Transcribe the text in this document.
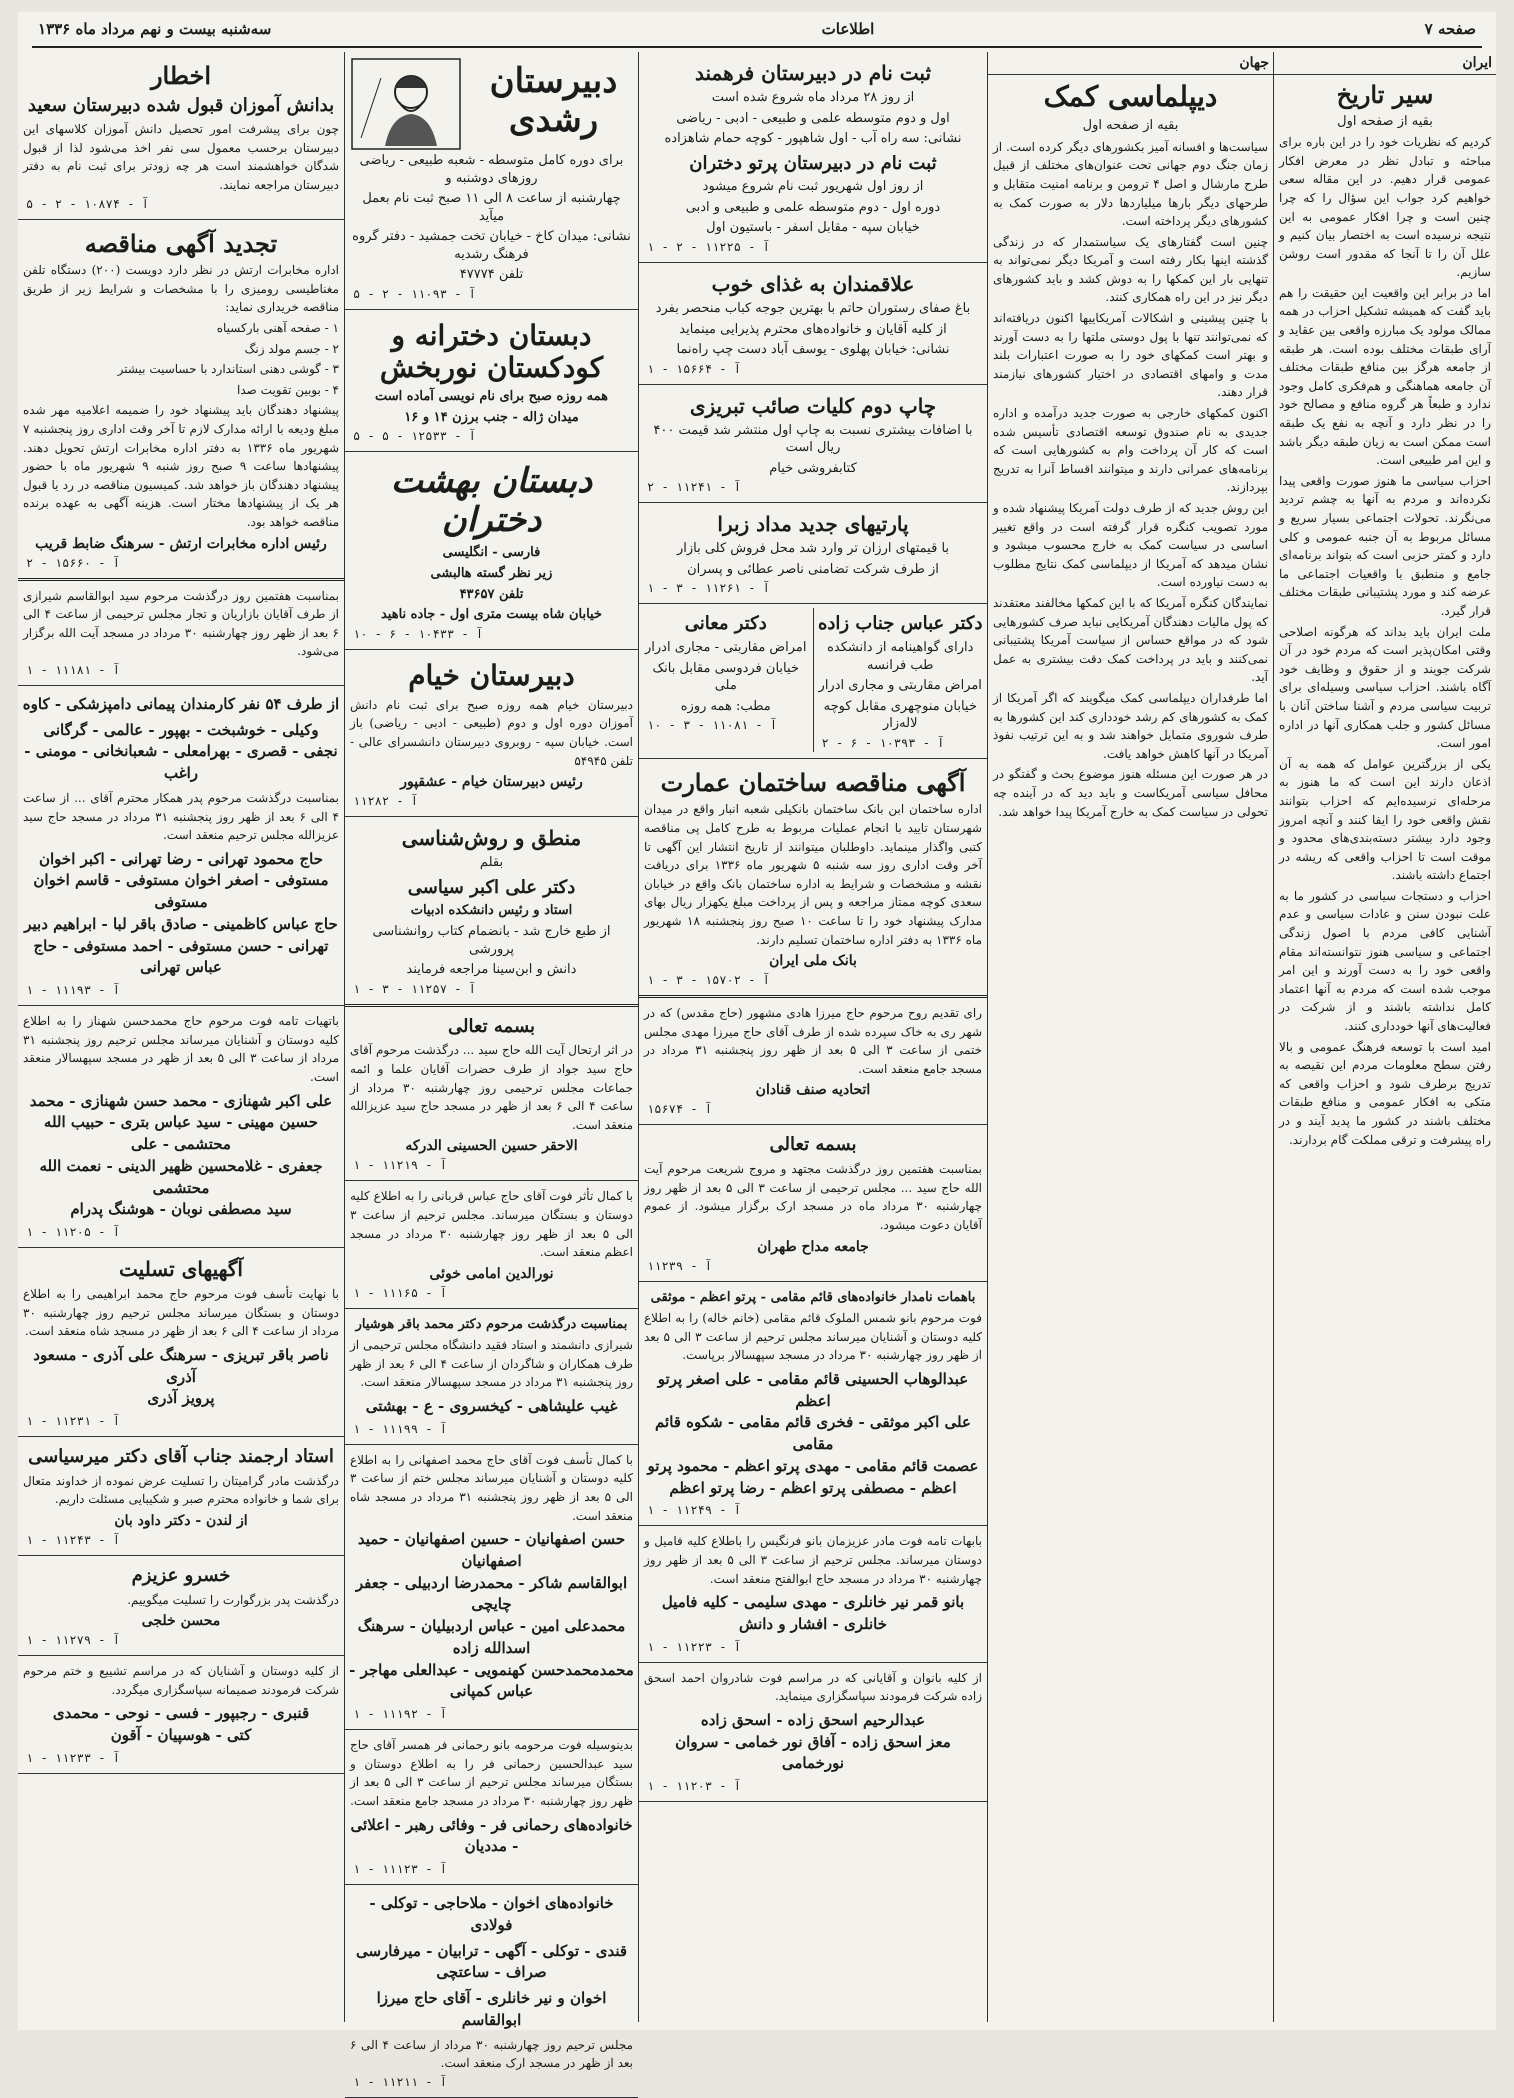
صفحه ۷
اطلاعات
سه‌شنبه بیست و نهم مرداد ماه ۱۳۳۶
ایران
سیر تاریخ
بقیه از صفحه اول

کردیم که نظریات خود را در این باره برای مباحثه و تبادل نظر در معرض افکار عمومی قرار دهیم. در این مقاله سعی خواهیم کرد جواب این سؤال را که چرا چنین است و چرا افکار عمومی به این نتیجه نرسیده است به اختصار بیان کنیم و علل آن را تا آنجا که مقدور است روشن سازیم.

اما در برابر این واقعیت این حقیقت را هم باید گفت که همیشه تشکیل احزاب در همه ممالک مولود یک مبارزه واقعی بین عقاید و آرای طبقات مختلف بوده است. هر طبقه از جامعه هرگز بین منافع طبقات مختلف آن جامعه هماهنگی و هم‌فکری کامل وجود ندارد و طبعاً هر گروه منافع و مصالح خود را در نظر دارد و آنچه به نفع یک طبقه است ممکن است به زیان طبقه دیگر باشد و این امر طبیعی است.

احزاب سیاسی ما هنوز صورت واقعی پیدا نکرده‌اند و مردم به آنها به چشم تردید می‌نگرند. تحولات اجتماعی بسیار سریع و مسائل مربوط به آن جنبه عمومی و کلی دارد و کمتر حزبی است که بتواند برنامه‌ای جامع و منطبق با واقعیات اجتماعی ما عرضه کند و مورد پشتیبانی طبقات مختلف قرار گیرد.

ملت ایران باید بداند که هرگونه اصلاحی وقتی امکان‌پذیر است که مردم خود در آن شرکت جویند و از حقوق و وظایف خود آگاه باشند. احزاب سیاسی وسیله‌ای برای تربیت سیاسی مردم و آشنا ساختن آنان با مسائل کشور و جلب همکاری آنها در اداره امور است.

یکی از بزرگترین عوامل که همه به آن اذعان دارند این است که ما هنوز به مرحله‌ای نرسیده‌ایم که احزاب بتوانند نقش واقعی خود را ایفا کنند و آنچه امروز وجود دارد بیشتر دسته‌بندی‌های محدود و موقت است تا احزاب واقعی که ریشه در اجتماع داشته باشند.

احزاب و دستجات سیاسی در کشور ما به علت نبودن سنن و عادات سیاسی و عدم آشنایی کافی مردم با اصول زندگی اجتماعی و سیاسی هنوز نتوانسته‌اند مقام واقعی خود را به دست آورند و این امر موجب شده است که مردم به آنها اعتماد کامل نداشته باشند و از شرکت در فعالیت‌های آنها خودداری کنند.

امید است با توسعه فرهنگ عمومی و بالا رفتن سطح معلومات مردم این نقیصه به تدریج برطرف شود و احزاب واقعی که متکی به افکار عمومی و منافع طبقات مختلف باشند در کشور ما پدید آیند و در راه پیشرفت و ترقی مملکت گام بردارند.

جهان
دیپلماسی کمک
بقیه از صفحه اول

سیاست‌ها و افسانه آمیز بکشورهای دیگر کرده است. از زمان جنگ دوم جهانی تحت عنوان‌های مختلف از قبیل طرح مارشال و اصل ۴ ترومن و برنامه امنیت متقابل و طرحهای دیگر بارها میلیاردها دلار به صورت کمک به کشورهای دیگر پرداخته است.

چنین است گفتارهای یک سیاستمدار که در زندگی گذشته اینها بکار رفته است و آمریکا دیگر نمی‌تواند به تنهایی بار این کمکها را به دوش کشد و باید کشورهای دیگر نیز در این راه همکاری کنند.

با چنین پیشینی و اشکالات آمریکاییها اکنون دریافته‌اند که نمی‌توانند تنها با پول دوستی ملتها را به دست آورند و بهتر است کمکهای خود را به صورت اعتبارات بلند مدت و وامهای اقتصادی در اختیار کشورهای نیازمند قرار دهند.

اکنون کمکهای خارجی به صورت جدید درآمده و اداره جدیدی به نام صندوق توسعه اقتصادی تأسیس شده است که کار آن پرداخت وام به کشورهایی است که برنامه‌های عمرانی دارند و میتوانند اقساط آنرا به تدریج بپردازند.

این روش جدید که از طرف دولت آمریکا پیشنهاد شده و مورد تصویب کنگره قرار گرفته است در واقع تغییر اساسی در سیاست کمک به خارج محسوب میشود و نشان میدهد که آمریکا از دیپلماسی کمک نتایج مطلوب به دست نیاورده است.

نمایندگان کنگره آمریکا که با این کمکها مخالفند معتقدند که پول مالیات دهندگان آمریکایی نباید صرف کشورهایی شود که در مواقع حساس از سیاست آمریکا پشتیبانی نمی‌کنند و باید در پرداخت کمک دقت بیشتری به عمل آید.

اما طرفداران دیپلماسی کمک میگویند که اگر آمریکا از کمک به کشورهای کم رشد خودداری کند این کشورها به طرف شوروی متمایل خواهند شد و به این ترتیب نفوذ آمریکا در آنها کاهش خواهد یافت.

در هر صورت این مسئله هنوز موضوع بحث و گفتگو در محافل سیاسی آمریکاست و باید دید که در آینده چه تحولی در سیاست کمک به خارج آمریکا پیدا خواهد شد.

ثبت نام در دبیرستان فرهمند
از روز ۲۸ مرداد ماه شروع شده است
اول و دوم متوسطه علمی و طبیعی - ادبی - ریاضی
نشانی: سه راه آب - اول شاهپور - کوچه حمام شاهزاده
ثبت نام در دبیرستان پرتو دختران
از روز اول شهریور ثبت نام شروع میشود
دوره اول - دوم متوسطه علمی و طبیعی و ادبی
خیابان سپه - مقابل اسفر - باستیون اول
آ - ۱۱۲۲۵ - ۲ - ۱
علاقمندان به غذای خوب
باغ صفای رستوران حاتم با بهترین جوجه کباب منحصر بفرد
از کلیه آقایان و خانواده‌های محترم پذیرایی مینماید
نشانی: خیابان پهلوی - یوسف آباد دست چپ راه‌نما
آ - ۱۵۶۶۴ - ۱
چاپ دوم کلیات صائب تبریزی
با اضافات بیشتری نسبت به چاپ اول منتشر شد قیمت ۴۰۰ ریال است
کتابفروشی خیام
آ - ۱۱۲۴۱ - ۲
پارتیهای جدید مداد زبرا
با قیمتهای ارزان تر وارد شد محل فروش کلی بازار
از طرف شرکت تضامنی ناصر عطائی و پسران
آ - ۱۱۲۶۱ - ۳ - ۱
دکتر عباس جناب زاده
دارای گواهینامه از دانشکده طب فرانسه
امراض مقاربتی و مجاری ادرار
خیابان منوچهری مقابل کوچه لاله‌زار
آ - ۱۰۳۹۳ - ۶ - ۲
دکتر معانی
امراض مقاربتی - مجاری ادرار
خیابان فردوسی مقابل بانک ملی
مطب: همه روزه
آ - ۱۱۰۸۱ - ۳ - ۱۰
آگهی مناقصه ساختمان عمارت

اداره ساختمان ابن بانک ساختمان بانکیلی شعبه انبار واقع در میدان شهرستان تایید با انجام عملیات مربوط به طرح کامل پی مناقصه کتبی واگذار مینماید. داوطلبان میتوانند از تاریخ انتشار این آگهی تا آخر وقت اداری روز سه شنبه ۵ شهریور ماه ۱۳۳۶ برای دریافت نقشه و مشخصات و شرایط به اداره ساختمان بانک واقع در خیابان سعدی کوچه ممتاز مراجعه و پس از پرداخت مبلغ یکهزار ریال بهای مدارک پیشنهاد خود را تا ساعت ۱۰ صبح روز پنجشنبه ۱۸ شهریور ماه ۱۳۳۶ به دفتر اداره ساختمان تسلیم دارند.

بانک ملی ایران
آ - ۱۵۷۰۲ - ۳ - ۱

رای تقدیم روح مرحوم حاج میرزا هادی مشهور (حاج مقدس) که در شهر ری به خاک سپرده شده از طرف آقای حاج میرزا مهدی مجلس ختمی از ساعت ۳ الی ۵ بعد از ظهر روز پنجشنبه ۳۱ مرداد در مسجد جامع منعقد است.

اتحادیه صنف قنادان
آ - ۱۵۶۷۴
بسمه تعالی

بمناسبت هفتمین روز درگذشت مجتهد و مروج شریعت مرحوم آیت الله حاج سید ... مجلس ترحیمی از ساعت ۳ الی ۵ بعد از ظهر روز چهارشنبه ۳۰ مرداد ماه در مسجد ارک برگزار میشود. از عموم آقایان دعوت میشود.

جامعه مداح طهران
آ - ۱۱۲۳۹
باهمات نامدار خانواده‌های قائم مقامی - پرتو اعظم - موثقی

فوت مرحوم بانو شمس الملوک قائم مقامی (خانم خاله) را به اطلاع کلیه دوستان و آشنایان میرساند مجلس ترحیم از ساعت ۳ الی ۵ بعد از ظهر روز چهارشنبه ۳۰ مرداد در مسجد سپهسالار برپاست.

عبدالوهاب الحسینی قائم مقامی - علی اصغر پرتو اعظم
علی اکبر موثقی - فخری قائم مقامی - شکوه قائم مقامی
عصمت قائم مقامی - مهدی پرتو اعظم - محمود پرتو
اعظم - مصطفی پرتو اعظم - رضا پرتو اعظم
آ - ۱۱۲۴۹ - ۱

بابهات تامه فوت مادر عزیزمان بانو فرنگیس را باطلاع کلیه فامیل و دوستان میرساند. مجلس ترحیم از ساعت ۳ الی ۵ بعد از ظهر روز چهارشنبه ۳۰ مرداد در مسجد حاج ابوالفتح منعقد است.

بانو قمر نیر خانلری - مهدی سلیمی - کلیه فامیل
خانلری - افشار و دانش
آ - ۱۱۲۲۳ - ۱

از کلیه بانوان و آقایانی که در مراسم فوت شادروان احمد اسحق زاده شرکت فرمودند سپاسگزاری مینماید.

عبدالرحیم اسحق زاده - اسحق زاده
معز اسحق زاده - آفاق نور خمامی - سروان نورخمامی
آ - ۱۱۲۰۳ - ۱
دبیرستان رشدی
برای دوره کامل متوسطه - شعبه طبیعی - ریاضی روزهای دوشنبه و
چهارشنبه از ساعت ۸ الی ۱۱ صبح ثبت نام بعمل میآید
نشانی: میدان کاخ - خیابان تخت جمشید - دفتر گروه فرهنگ رشدیه
تلفن ۴۷۷۷۴
آ - ۱۱۰۹۳ - ۲ - ۵
دبستان دخترانه و کودکستان نوربخش
همه روزه صبح برای نام نویسی آماده است
میدان ژاله - جنب برزن ۱۴ و ۱۶
آ - ۱۲۵۳۳ - ۵ - ۵
دبستان بهشت دختران
فارسی - انگلیسی
زیر نظر گسته هالبشی
تلفن ۴۳۶۵۷
خیابان شاه بیست متری اول - جاده ناهید
آ - ۱۰۴۳۳ - ۶ - ۱۰
دبیرستان خیام

دبیرستان خیام همه روزه صبح برای ثبت نام دانش آموزان دوره اول و دوم (طبیعی - ادبی - ریاضی) باز است. خیابان سپه - روبروی دبیرستان دانشسرای عالی - تلفن ۵۴۹۴۵

رئیس دبیرستان خیام - عشقپور
آ - ۱۱۲۸۲
منطق و روش‌شناسی
بقلم
دکتر علی اکبر سیاسی
استاد و رئیس دانشکده ادبیات
از طبع خارج شد - بانضمام کتاب روانشناسی پرورشی
دانش و ابن‌سینا مراجعه فرمایند
آ - ۱۱۲۵۷ - ۳ - ۱
بسمه تعالی

در اثر ارتحال آیت الله حاج سید ... درگذشت مرحوم آقای حاج سید جواد از طرف حضرات آقایان علما و ائمه جماعات مجلس ترحیمی روز چهارشنبه ۳۰ مرداد از ساعت ۴ الی ۶ بعد از ظهر در مسجد حاج سید عزیزالله منعقد است.

الاحقر حسین الحسینی الدرکه
آ - ۱۱۲۱۹ - ۱

با کمال تأثر فوت آقای حاج عباس قربانی را به اطلاع کلیه دوستان و بستگان میرساند. مجلس ترحیم از ساعت ۳ الی ۵ بعد از ظهر روز چهارشنبه ۳۰ مرداد در مسجد اعظم منعقد است.

نورالدین امامی خوئی
آ - ۱۱۱۶۵ - ۱
بمناسبت درگذشت مرحوم دکتر محمد باقر هوشیار

شیرازی دانشمند و استاد فقید دانشگاه مجلس ترحیمی از طرف همکاران و شاگردان از ساعت ۴ الی ۶ بعد از ظهر روز پنجشنبه ۳۱ مرداد در مسجد سپهسالار منعقد است.

غیب علیشاهی - کیخسروی - ع - بهشتی
آ - ۱۱۱۹۹ - ۱

با کمال تأسف فوت آقای حاج محمد اصفهانی را به اطلاع کلیه دوستان و آشنایان میرساند مجلس ختم از ساعت ۳ الی ۵ بعد از ظهر روز پنجشنبه ۳۱ مرداد در مسجد شاه منعقد است.

حسن اصفهانیان - حسین اصفهانیان - حمید اصفهانیان
ابوالقاسم شاکر - محمدرضا اردبیلی - جعفر چایچی
محمدعلی امین - عباس اردبیلیان - سرهنگ اسدالله زاده
محمدمحمدحسن کهنمویی - عبدالعلی مهاجر - عباس کمپانی
آ - ۱۱۱۹۲ - ۱

بدینوسیله فوت مرحومه بانو رحمانی فر همسر آقای حاج سید عبدالحسین رحمانی فر را به اطلاع دوستان و بستگان میرساند مجلس ترحیم از ساعت ۳ الی ۵ بعد از ظهر روز چهارشنبه ۳۰ مرداد در مسجد جامع منعقد است.

خانواده‌های رحمانی فر - وفائی رهبر - اعلائی - مددیان
آ - ۱۱۱۲۳ - ۱
خانواده‌های اخوان - ملاحاجی - توکلی - فولادی
قندی - توکلی - آگهی - ترابیان - میرفارسی
صراف - ساعتچی
اخوان و نیر خانلری - آقای حاج میرزا ابوالقاسم

مجلس ترحیم روز چهارشنبه ۳۰ مرداد از ساعت ۴ الی ۶ بعد از ظهر در مسجد ارک منعقد است.

آ - ۱۱۲۱۱ - ۱
اخطار
بدانش آموزان قبول شده دبیرستان سعید

چون برای پیشرفت امور تحصیل دانش آموزان کلاسهای این دبیرستان برحسب معمول سی نفر اخذ می‌شود لذا از قبول شدگان خواهشمند است هر چه زودتر برای ثبت نام به دفتر دبیرستان مراجعه نمایند.

آ - ۱۰۸۷۴ - ۲ - ۵
تجدید آگهی مناقصه

اداره مخابرات ارتش در نظر دارد دویست (۲۰۰) دستگاه تلفن مغناطیسی رومیزی را با مشخصات و شرایط زیر از طریق مناقصه خریداری نماید:

۱ - صفحه آهنی بارکسیاه
۲ - جسم مولد زنگ
۳ - گوشی دهنی استاندارد با حساسیت بیشتر
۴ - بوبین تقویت صدا

پیشنهاد دهندگان باید پیشنهاد خود را ضمیمه اعلامیه مهر شده مبلغ ودیعه با ارائه مدارک لازم تا آخر وقت اداری روز پنجشنبه ۷ شهریور ماه ۱۳۳۶ به دفتر اداره مخابرات ارتش تحویل دهند. پیشنهادها ساعت ۹ صبح روز شنبه ۹ شهریور ماه با حضور پیشنهاد دهندگان باز خواهد شد. کمیسیون مناقصه در رد یا قبول هر یک از پیشنهادها مختار است. هزینه آگهی به عهده برنده مناقصه خواهد بود.

رئیس اداره مخابرات ارتش - سرهنگ ضابط قریب
آ - ۱۵۶۶۰ - ۲

بمناسبت هفتمین روز درگذشت مرحوم سید ابوالقاسم شیرازی از طرف آقایان بازاریان و تجار مجلس ترحیمی از ساعت ۴ الی ۶ بعد از ظهر روز چهارشنبه ۳۰ مرداد در مسجد آیت الله برگزار می‌شود.

آ - ۱۱۱۸۱ - ۱
از طرف ۵۴ نفر کارمندان پیمانی دامپزشکی - کاوه
وکیلی - خوشبخت - بهپور - عالمی - گرگانی
نجفی - قصری - بهرامعلی - شعبانخانی - مومنی - راغب

بمناسبت درگذشت مرحوم پدر همکار محترم آقای ... از ساعت ۴ الی ۶ بعد از ظهر روز پنجشنبه ۳۱ مرداد در مسجد حاج سید عزیزالله مجلس ترحیم منعقد است.

حاج محمود تهرانی - رضا تهرانی - اکبر اخوان
مستوفی - اصغر اخوان مستوفی - قاسم اخوان مستوفی
حاج عباس کاظمینی - صادق باقر لبا - ابراهیم دبیر
تهرانی - حسن مستوفی - احمد مستوفی - حاج
عباس تهرانی
آ - ۱۱۱۹۳ - ۱

باتهیات تامه فوت مرحوم حاج محمدحسن شهناز را به اطلاع کلیه دوستان و آشنایان میرساند مجلس ترحیم روز پنجشنبه ۳۱ مرداد از ساعت ۳ الی ۵ بعد از ظهر در مسجد سپهسالار منعقد است.

علی اکبر شهنازی - محمد حسن شهنازی - محمد
حسین مهینی - سید عباس بتری - حبیب الله محتشمی - علی
جعفری - غلامحسین ظهیر الدینی - نعمت الله محتشمی
سید مصطفی نوبان - هوشنگ پدرام
آ - ۱۱۲۰۵ - ۱
آگهیهای تسلیت

با نهایت تأسف فوت مرحوم حاج محمد ابراهیمی را به اطلاع دوستان و بستگان میرساند مجلس ترحیم روز چهارشنبه ۳۰ مرداد از ساعت ۴ الی ۶ بعد از ظهر در مسجد شاه منعقد است.

ناصر باقر تبریزی - سرهنگ علی آذری - مسعود آذری
پرویز آذری
آ - ۱۱۲۳۱ - ۱
استاد ارجمند جناب آقای دکتر میرسیاسی

درگذشت مادر گرامیتان را تسلیت عرض نموده از خداوند متعال برای شما و خانواده محترم صبر و شکیبایی مسئلت داریم.

از لندن - دکتر داود بان
آ - ۱۱۲۴۳ - ۱
خسرو عزیزم

درگذشت پدر بزرگوارت را تسلیت میگوییم.

محسن خلجی
آ - ۱۱۲۷۹ - ۱

از کلیه دوستان و آشنایان که در مراسم تشییع و ختم مرحوم شرکت فرمودند صمیمانه سپاسگزاری میگردد.

قنبری - رجبپور - فسی - نوحی - محمدی
کتی - هوسپیان - آقون
آ - ۱۱۲۳۳ - ۱
